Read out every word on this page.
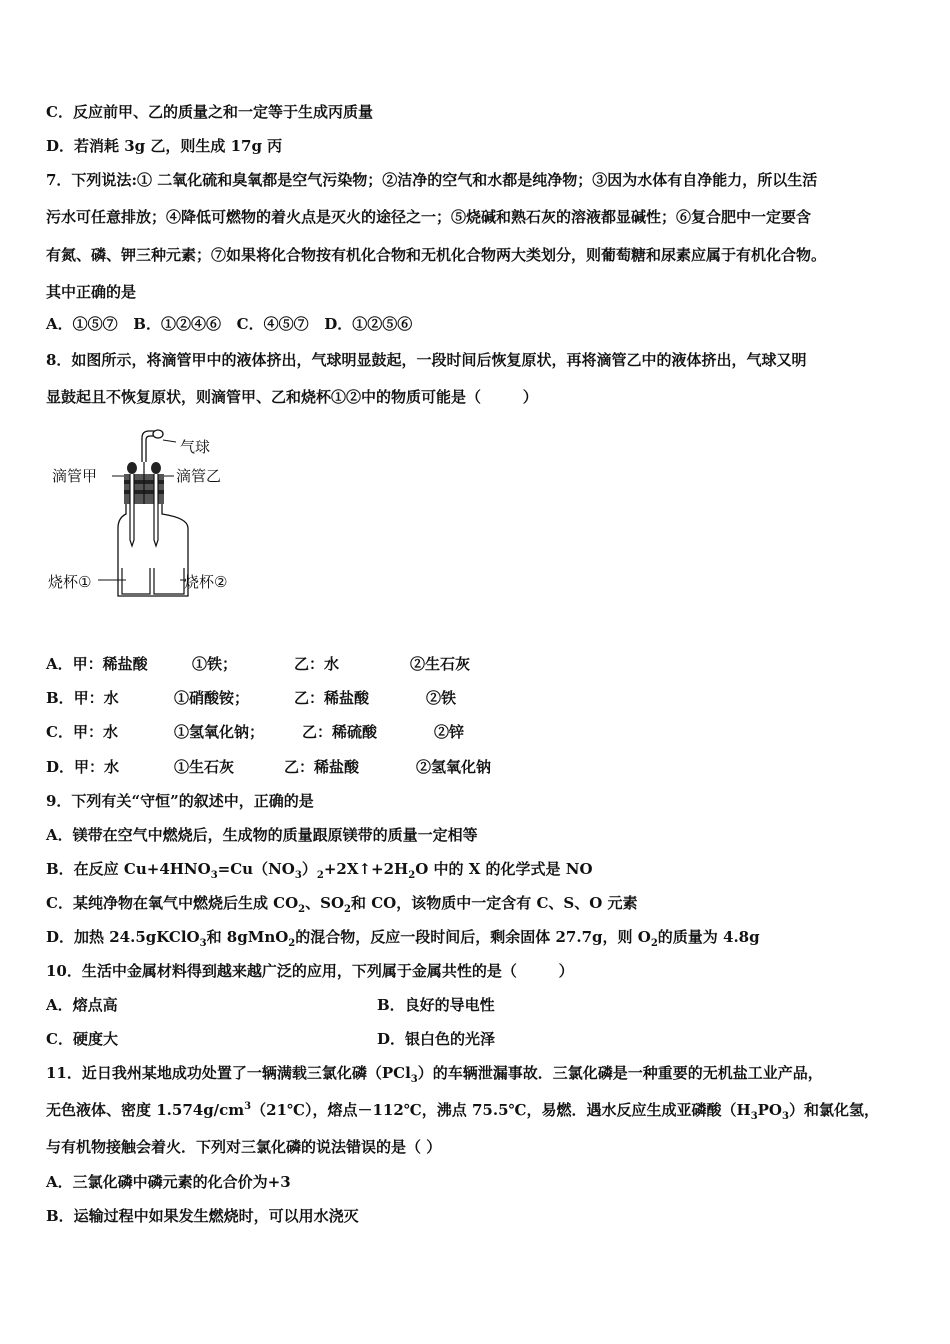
C．反应前甲、乙的质量之和一定等于生成丙质量
D．若消耗 3g 乙，则生成 17g 丙
7．下列说法:① 二氧化硫和臭氧都是空气污染物；②洁净的空气和水都是纯净物；③因为水体有自净能力，所以生活
污水可任意排放；④降低可燃物的着火点是灭火的途径之一；⑤烧碱和熟石灰的溶液都显碱性；⑥复合肥中一定要含
有氮、磷、钾三种元素；⑦如果将化合物按有机化合物和无机化合物两大类划分，则葡萄糖和尿素应属于有机化合物。
其中正确的是
A．①⑤⑦   B．①②④⑥   C．④⑤⑦   D．①②⑤⑥
8．如图所示，将滴管甲中的液体挤出，气球明显鼓起，一段时间后恢复原状，再将滴管乙中的液体挤出，气球又明
显鼓起且不恢复原状，则滴管甲、乙和烧杯①②中的物质可能是（        ）
气球
滴管甲	滴管乙
烧杯①	烧杯②
A．甲：稀盐酸	①铁；	乙：水	②生石灰
B．甲：水	①硝酸铵；	乙：稀盐酸	②铁
C．甲：水	①氢氧化钠；	乙：稀硫酸	②锌
D．甲：水	①生石灰	乙：稀盐酸	②氢氧化钠
9．下列有关“守恒”的叙述中，正确的是
A．镁带在空气中燃烧后，生成物的质量跟原镁带的质量一定相等
B．在反应 $Cu+4HNO_3=Cu(NO_3)_2+2X↑+2H_2O$ 中的 X 的化学式是 NO
C．某纯净物在氧气中燃烧后生成 $CO_2$、$SO_2$和 CO，该物质中一定含有 C、S、O 元素
D．加热 24.5gKClO$_3$和 8gMnO$_2$的混合物，反应一段时间后，剩余固体 27.7g，则 $O_2$的质量为 4.8g
10．生活中金属材料得到越来越广泛的应用，下列属于金属共性的是（        ）
A．熔点高	B．良好的导电性
C．硬度大	D．银白色的光泽
11．近日我州某地成功处置了一辆满载三氯化磷（PCl$_3$）的车辆泄漏事故．三氯化磷是一种重要的无机盐工业产品，
无色液体、密度 $1.574g/cm^3(21℃)$，熔点－112℃，沸点 75.5℃，易燃．遇水反应生成亚磷酸$(H_3PO_3)$和氯化氢，
与有机物接触会着火．下列对三氯化磷的说法错误的是（ ）
A．三氯化磷中磷元素的化合价为+3
B．运输过程中如果发生燃烧时，可以用水浇灭
